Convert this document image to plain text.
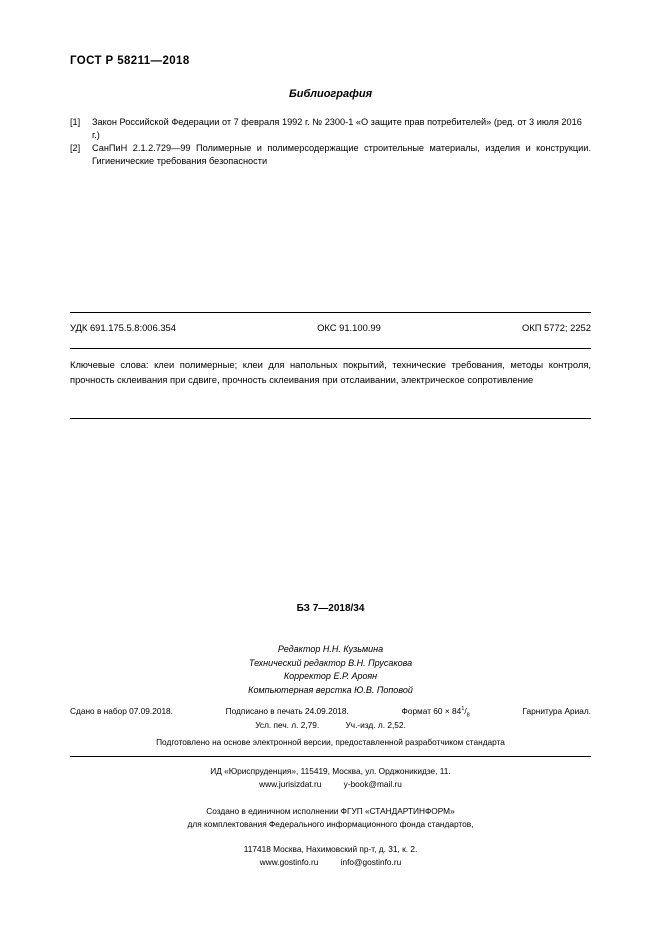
ГОСТ Р 58211—2018
Библиография
[1]	Закон Российской Федерации от 7 февраля 1992 г. № 2300-1 «О защите прав потребителей» (ред. от 3 июля 2016 г.)
[2]	СанПиН 2.1.2.729—99 Полимерные и полимерсодержащие строительные материалы, изделия и конструкции. Гигиенические требования безопасности
УДК 691.175.5.8:006.354	ОКС 91.100.99	ОКП 5772; 2252
Ключевые слова: клеи полимерные; клеи для напольных покрытий, технические требования, методы контроля, прочность склеивания при сдвиге, прочность склеивания при отслаивании, электрическое сопротивление
БЗ 7—2018/34
Редактор Н.Н. Кузьмина
Технический редактор В.Н. Прусакова
Корректор Е.Р. Ароян
Компьютерная верстка Ю.В. Поповой
Сдано в набор 07.09.2018.	Подписано в печать 24.09.2018.	Формат $60 \times 84^1/_8$	Гарнитура Ариал.
Усл. печ. л. 2,79.	Уч.-изд. л. 2,52.
Подготовлено на основе электронной версии, предоставленной разработчиком стандарта
ИД «Юриспруденция», 115419, Москва, ул. Орджоникидзе, 11.
www.jurisizdat.ru	y-book@mail.ru
Создано в единичном исполнении ФГУП «СТАНДАРТИНФОРМ»
для комплектования Федерального информационного фонда стандартов,
117418 Москва, Нахимовский пр-т, д. 31, к. 2.
www.gostinfo.ru	info@gostinfo.ru
